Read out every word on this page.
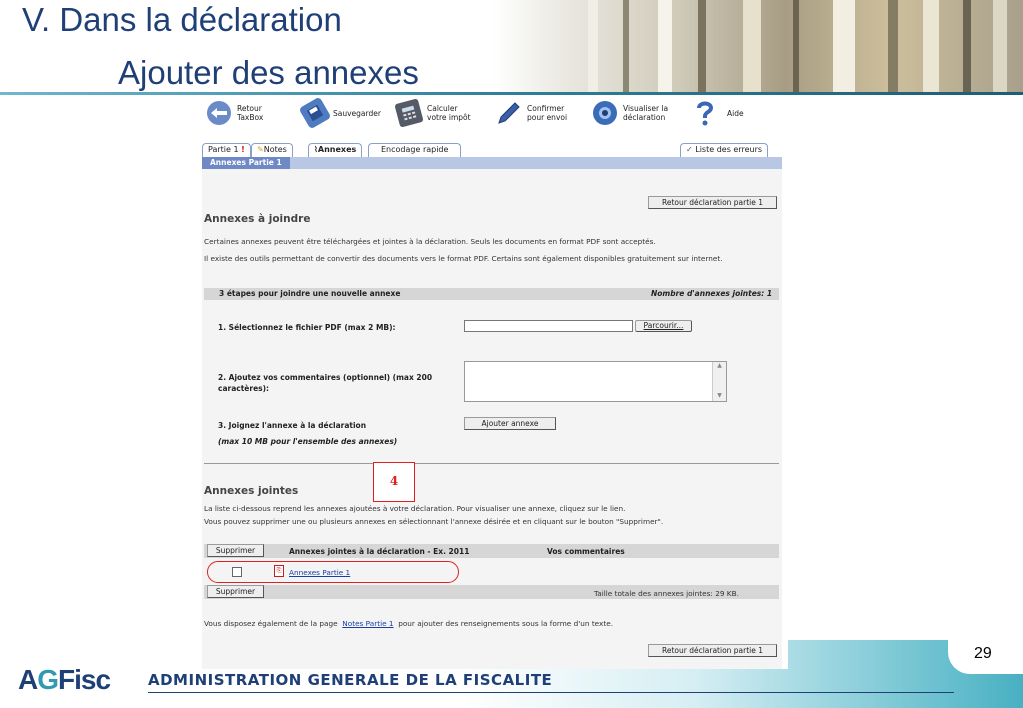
V. Dans la déclaration
Ajouter des annexes
29
AGFisc	ADMINISTRATION GENERALE DE LA FISCALITE
Retour
TaxBox	Sauvegarder	Calculer
votre impôt
Confirmer
pour envoi
Visualiser la
déclaration	Aide
Partie 1 !	✎Notes	⌇Annexes	Encodage rapide	✓ Liste des erreurs
Annexes Partie 1
Retour déclaration partie 1
Annexes à joindre
Certaines annexes peuvent être téléchargées et jointes à la déclaration. Seuls les documents en format PDF sont acceptés.
Il existe des outils permettant de convertir des documents vers le format PDF. Certains sont également disponibles gratuitement sur internet.
3 étapes pour joindre une nouvelle annexe	Nombre d'annexes jointes: 1
1. Sélectionnez le fichier PDF (max 2 MB):	Parcourir...
2. Ajoutez vos commentaires (optionnel) (max 200 caractères):
▲
▼
3. Joignez l'annexe à la déclaration
(max 10 MB pour l'ensemble des annexes)
Ajouter annexe
4
Annexes jointes
La liste ci-dessous reprend les annexes ajoutées à votre déclaration. Pour visualiser une annexe, cliquez sur le lien.
Vous pouvez supprimer une ou plusieurs annexes en sélectionnant l'annexe désirée et en cliquant sur le bouton "Supprimer".
Supprimer	Annexes jointes à la déclaration - Ex. 2011	Vos commentaires
⎘	Annexes Partie 1
Supprimer	Taille totale des annexes jointes: 29 KB.
Vous disposez également de la page Notes Partie 1 pour ajouter des renseignements sous la forme d'un texte.
Retour déclaration partie 1
